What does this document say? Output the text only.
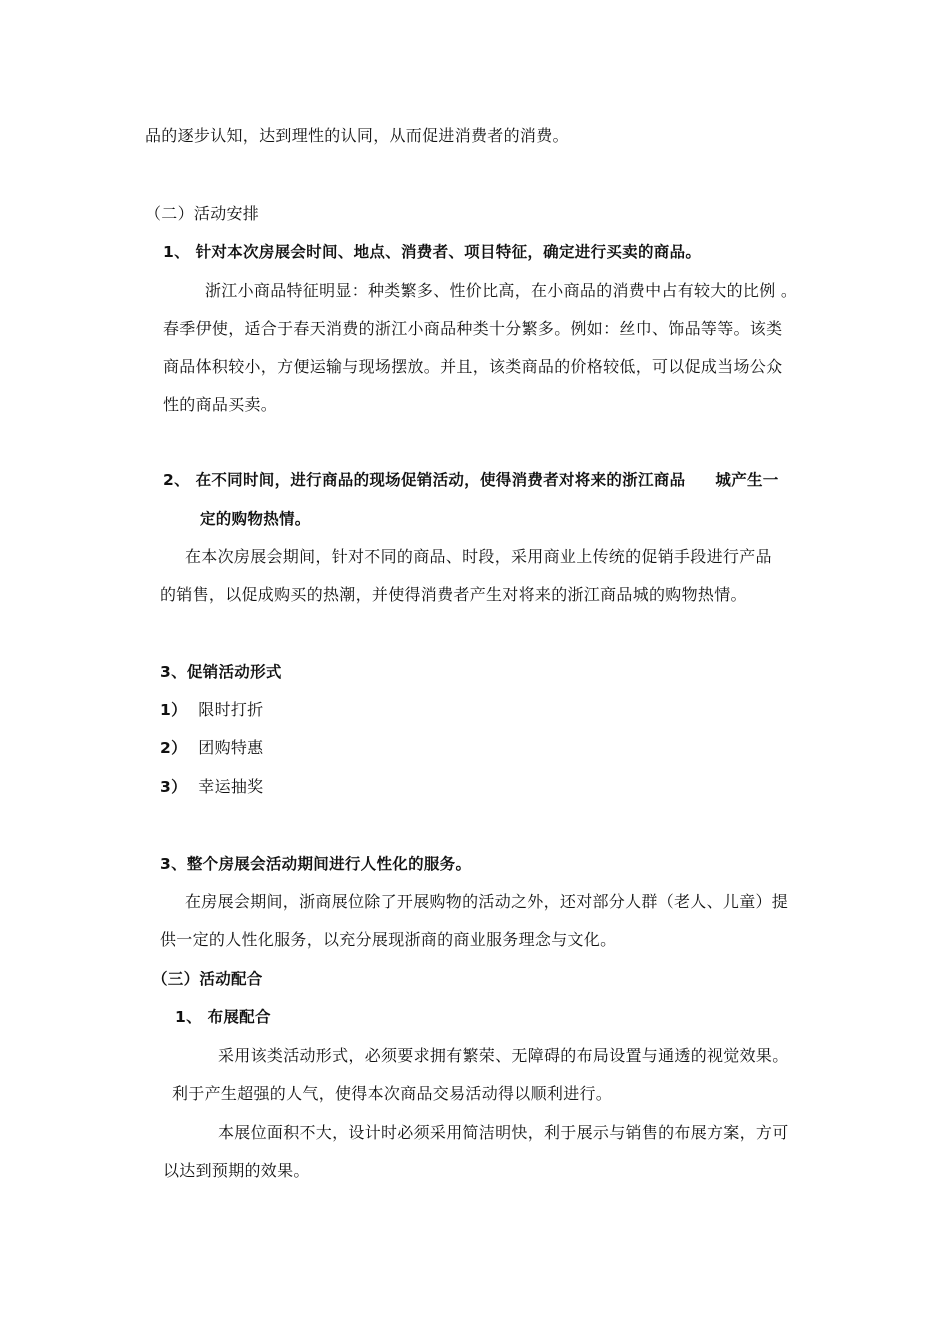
品的逐步认知，达到理性的认同，从而促进消费者的消费。
（二）活动安排
1、 针对本次房展会时间、地点、消费者、项目特征，确定进行买卖的商品。
浙江小商品特征明显：种类繁多、性价比高，在小商品的消费中占有较大的比例 。
春季伊使，适合于春天消费的浙江小商品种类十分繁多。例如：丝巾、饰品等等。该类
商品体积较小，方便运输与现场摆放。并且，该类商品的价格较低，可以促成当场公众
性的商品买卖。
2、 在不同时间，进行商品的现场促销活动，使得消费者对将来的浙江商品 城产生一
定的购物热情。
在本次房展会期间，针对不同的商品、时段，采用商业上传统的促销手段进行产品
的销售，以促成购买的热潮，并使得消费者产生对将来的浙江商品城的购物热情。
3、促销活动形式
1） 限时打折
2） 团购特惠
3） 幸运抽奖
3、整个房展会活动期间进行人性化的服务。
在房展会期间，浙商展位除了开展购物的活动之外，还对部分人群（老人、儿童）提
供一定的人性化服务，以充分展现浙商的商业服务理念与文化。
（三）活动配合
1、 布展配合
采用该类活动形式，必须要求拥有繁荣、无障碍的布局设置与通透的视觉效果。
利于产生超强的人气，使得本次商品交易活动得以顺利进行。
本展位面积不大，设计时必须采用简洁明快，利于展示与销售的布展方案，方可
以达到预期的效果。
